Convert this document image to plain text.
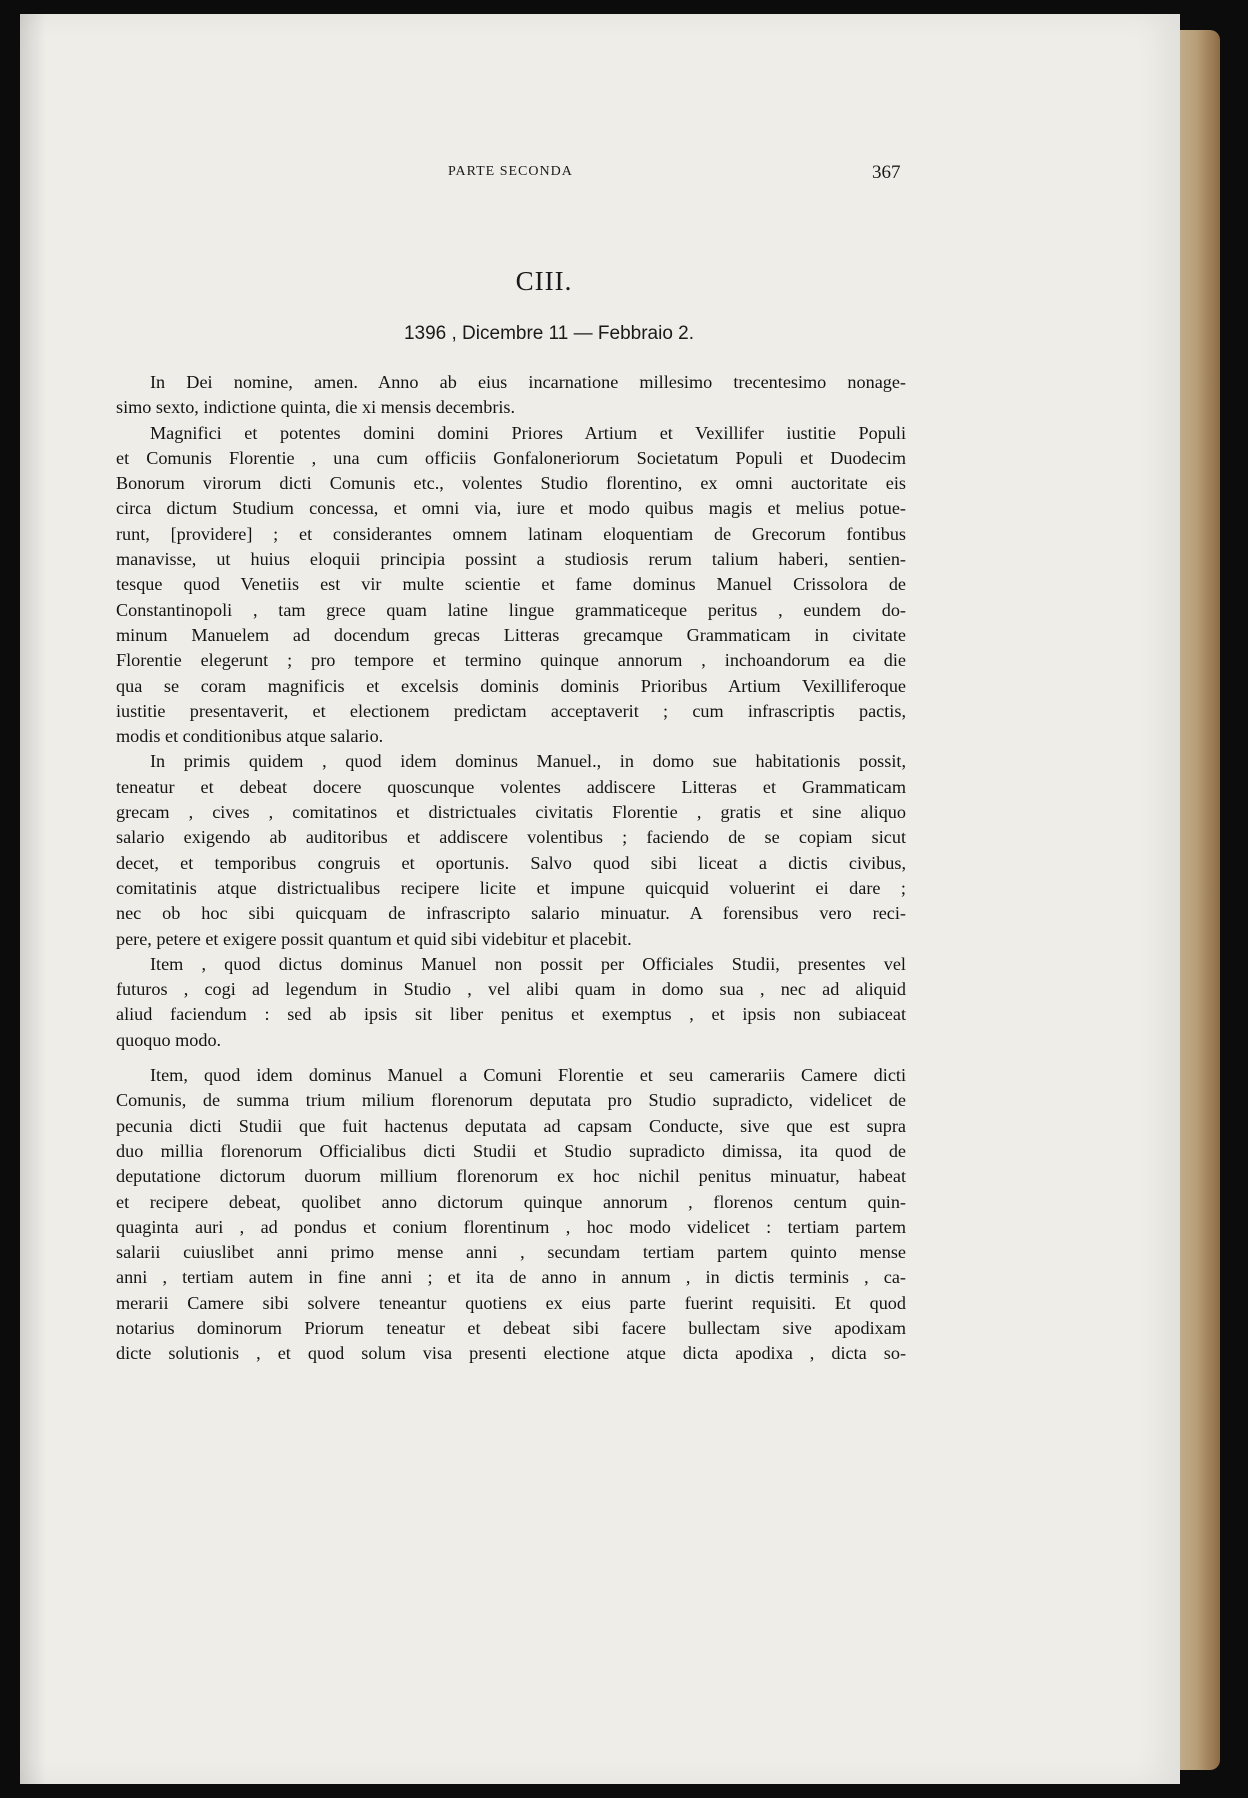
PARTE SECONDA	367
CIII.
1396 , Dicembre 11 — Febbraio 2.
In Dei nomine, amen. Anno ab eius incarnatione millesimo trecentesimo nonage-
simo sexto, indictione quinta, die xi mensis decembris.
Magnifici et potentes domini domini Priores Artium et Vexillifer iustitie Populi
et Comunis Florentie , una cum officiis Gonfaloneriorum Societatum Populi et Duodecim
Bonorum virorum dicti Comunis etc., volentes Studio florentino, ex omni auctoritate eis
circa dictum Studium concessa, et omni via, iure et modo quibus magis et melius potue-
runt, [providere] ; et considerantes omnem latinam eloquentiam de Grecorum fontibus
manavisse, ut huius eloquii principia possint a studiosis rerum talium haberi, sentien-
tesque quod Venetiis est vir multe scientie et fame dominus Manuel Crissolora de
Constantinopoli , tam grece quam latine lingue grammaticeque peritus , eundem do-
minum Manuelem ad docendum grecas Litteras grecamque Grammaticam in civitate
Florentie elegerunt ; pro tempore et termino quinque annorum , inchoandorum ea die
qua se coram magnificis et excelsis dominis dominis Prioribus Artium Vexilliferoque
iustitie presentaverit, et electionem predictam acceptaverit ; cum infrascriptis pactis,
modis et conditionibus atque salario.
In primis quidem , quod idem dominus Manuel., in domo sue habitationis possit,
teneatur et debeat docere quoscunque volentes addiscere Litteras et Grammaticam
grecam , cives , comitatinos et districtuales civitatis Florentie , gratis et sine aliquo
salario exigendo ab auditoribus et addiscere volentibus ; faciendo de se copiam sicut
decet, et temporibus congruis et oportunis. Salvo quod sibi liceat a dictis civibus,
comitatinis atque districtualibus recipere licite et impune quicquid voluerint ei dare ;
nec ob hoc sibi quicquam de infrascripto salario minuatur. A forensibus vero reci-
pere, petere et exigere possit quantum et quid sibi videbitur et placebit.
Item , quod dictus dominus Manuel non possit per Officiales Studii, presentes vel
futuros , cogi ad legendum in Studio , vel alibi quam in domo sua , nec ad aliquid
aliud faciendum : sed ab ipsis sit liber penitus et exemptus , et ipsis non subiaceat
quoquo modo.
Item, quod idem dominus Manuel a Comuni Florentie et seu camerariis Camere dicti
Comunis, de summa trium milium florenorum deputata pro Studio supradicto, videlicet de
pecunia dicti Studii que fuit hactenus deputata ad capsam Conducte, sive que est supra
duo millia florenorum Officialibus dicti Studii et Studio supradicto dimissa, ita quod de
deputatione dictorum duorum millium florenorum ex hoc nichil penitus minuatur, habeat
et recipere debeat, quolibet anno dictorum quinque annorum , florenos centum quin-
quaginta auri , ad pondus et conium florentinum , hoc modo videlicet : tertiam partem
salarii cuiuslibet anni primo mense anni , secundam tertiam partem quinto mense
anni , tertiam autem in fine anni ; et ita de anno in annum , in dictis terminis , ca-
merarii Camere sibi solvere teneantur quotiens ex eius parte fuerint requisiti. Et quod
notarius dominorum Priorum teneatur et debeat sibi facere bullectam sive apodixam
dicte solutionis , et quod solum visa presenti electione atque dicta apodixa , dicta so-
